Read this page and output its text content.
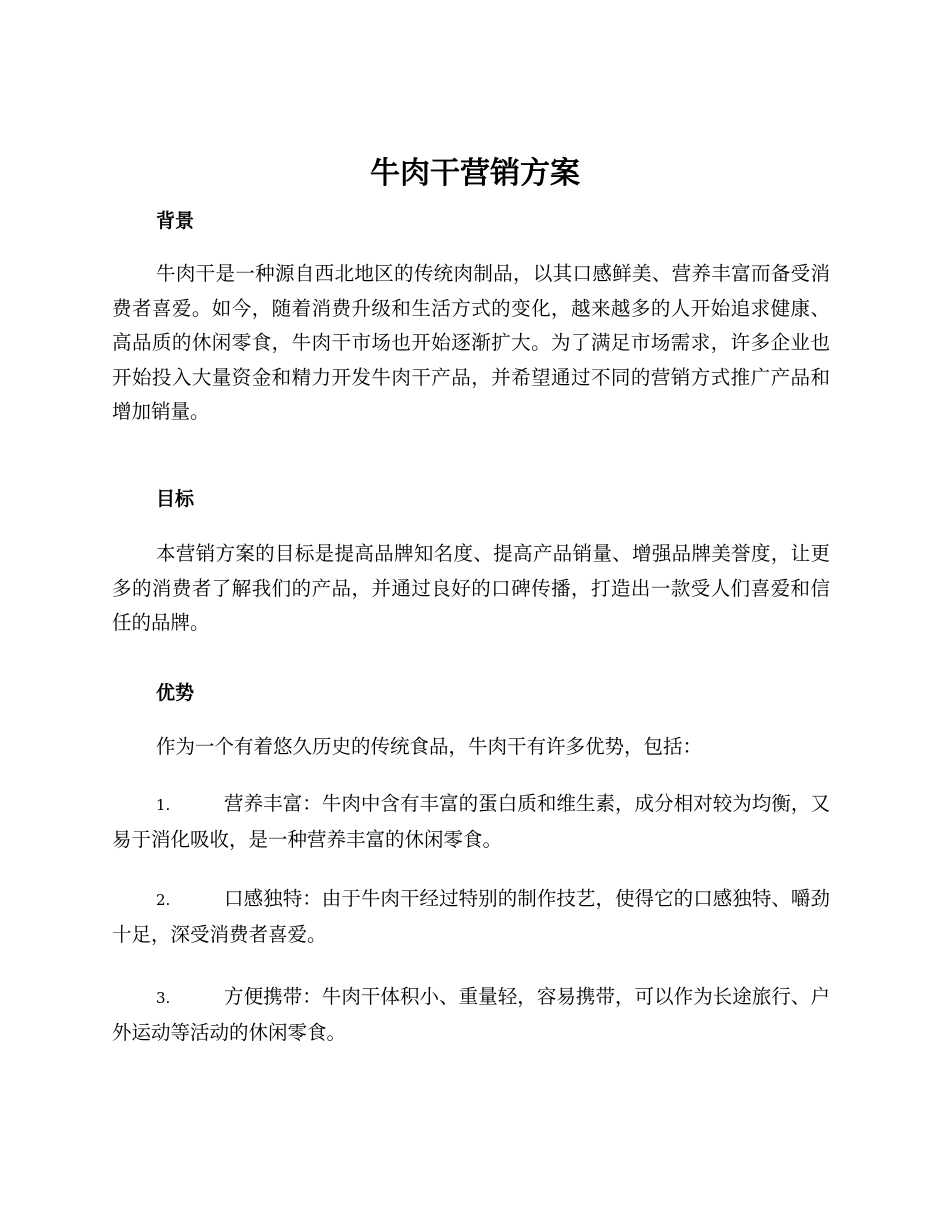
牛肉干营销方案
背景

牛肉干是一种源自西北地区的传统肉制品，以其口感鲜美、营养丰富而备受消费者喜爱。如今，随着消费升级和生活方式的变化，越来越多的人开始追求健康、高品质的休闲零食，牛肉干市场也开始逐渐扩大。为了满足市场需求，许多企业也开始投入大量资金和精力开发牛肉干产品，并希望通过不同的营销方式推广产品和增加销量。

目标

本营销方案的目标是提高品牌知名度、提高产品销量、增强品牌美誉度，让更多的消费者了解我们的产品，并通过良好的口碑传播，打造出一款受人们喜爱和信任的品牌。

优势

作为一个有着悠久历史的传统食品，牛肉干有许多优势，包括：

1.	营养丰富：牛肉中含有丰富的蛋白质和维生素，成分相对较为均衡，又易于消化吸收，是一种营养丰富的休闲零食。

2.	口感独特：由于牛肉干经过特别的制作技艺，使得它的口感独特、嚼劲十足，深受消费者喜爱。

3.	方便携带：牛肉干体积小、重量轻，容易携带，可以作为长途旅行、户外运动等活动的休闲零食。
